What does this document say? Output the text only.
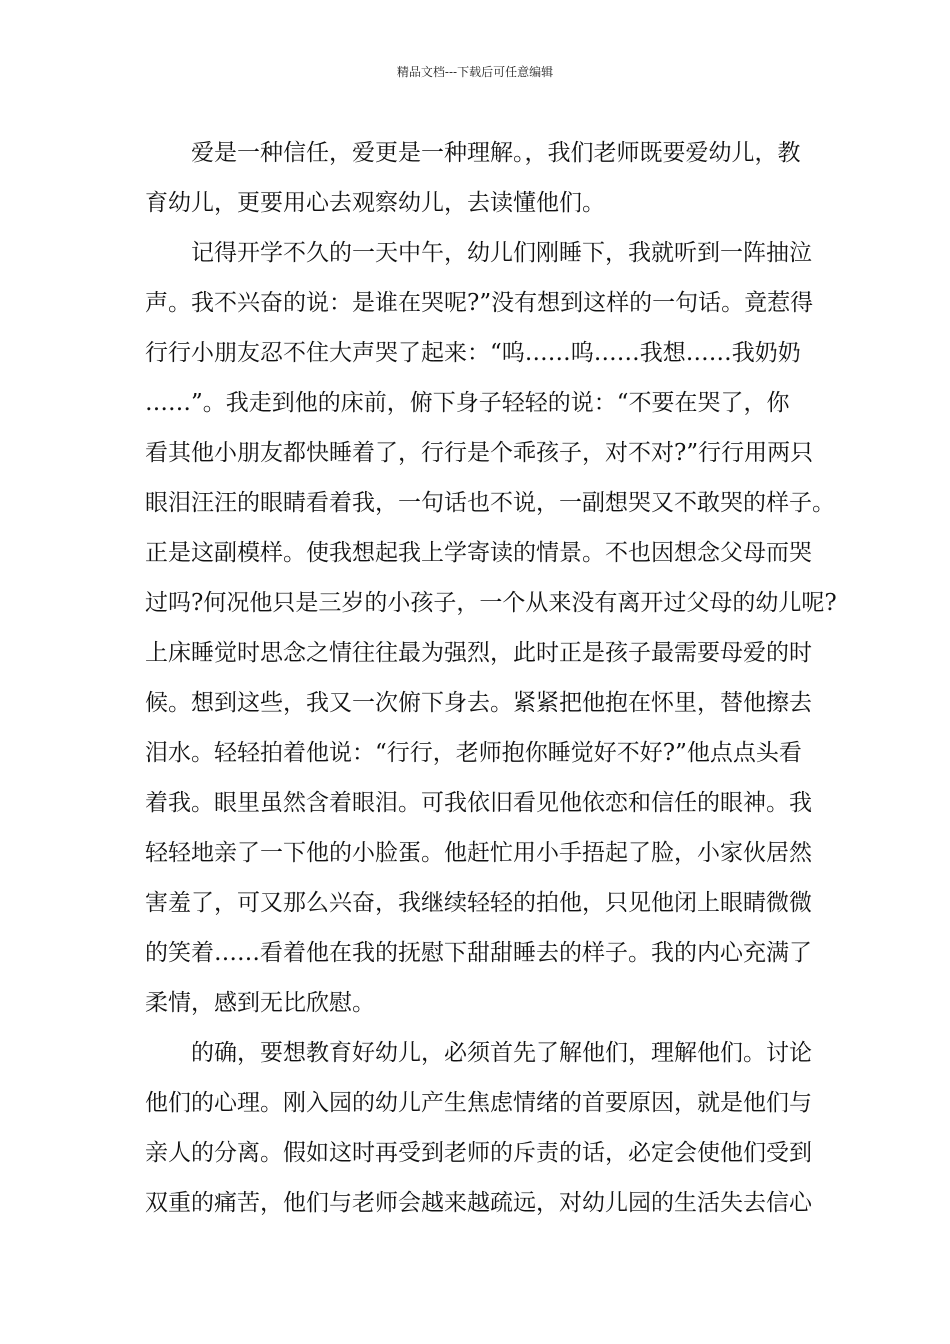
精品文档---下载后可任意编辑
爱是一种信任，爱更是一种理解。，我们老师既要爱幼儿，教
育幼儿，更要用心去观察幼儿，去读懂他们。
记得开学不久的一天中午，幼儿们刚睡下，我就听到一阵抽泣
声。我不兴奋的说：是谁在哭呢?”没有想到这样的一句话。竟惹得
行行小朋友忍不住大声哭了起来：“呜……呜……我想……我奶奶
……”。我走到他的床前，俯下身子轻轻的说：“不要在哭了，你
看其他小朋友都快睡着了，行行是个乖孩子，对不对?”行行用两只
眼泪汪汪的眼睛看着我，一句话也不说，一副想哭又不敢哭的样子。
正是这副模样。使我想起我上学寄读的情景。不也因想念父母而哭
过吗?何况他只是三岁的小孩子，一个从来没有离开过父母的幼儿呢?
上床睡觉时思念之情往往最为强烈，此时正是孩子最需要母爱的时
候。想到这些，我又一次俯下身去。紧紧把他抱在怀里，替他擦去
泪水。轻轻拍着他说：“行行，老师抱你睡觉好不好?”他点点头看
着我。眼里虽然含着眼泪。可我依旧看见他依恋和信任的眼神。我
轻轻地亲了一下他的小脸蛋。他赶忙用小手捂起了脸，小家伙居然
害羞了，可又那么兴奋，我继续轻轻的拍他，只见他闭上眼睛微微
的笑着……看着他在我的抚慰下甜甜睡去的样子。我的内心充满了
柔情，感到无比欣慰。
的确，要想教育好幼儿，必须首先了解他们，理解他们。讨论
他们的心理。刚入园的幼儿产生焦虑情绪的首要原因，就是他们与
亲人的分离。假如这时再受到老师的斥责的话，必定会使他们受到
双重的痛苦，他们与老师会越来越疏远，对幼儿园的生活失去信心
